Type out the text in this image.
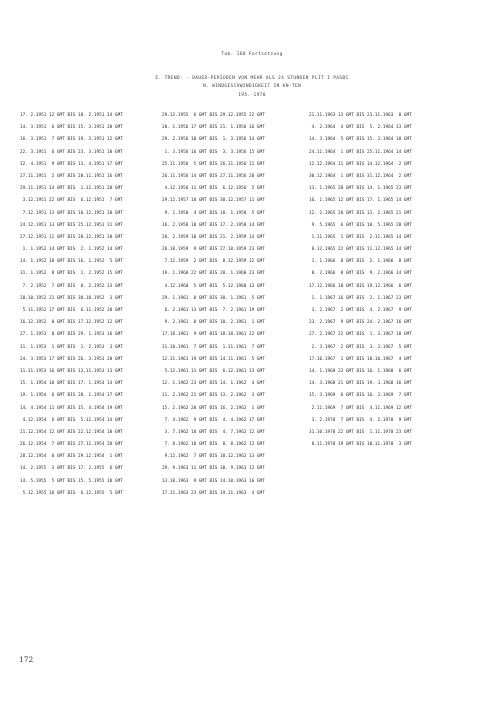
Tab. 160 Fortsetzung
E. TREND- - DAUER-PERIODEN VON MEHR ALS 24 STUNDEN PLIT I PASBC
N. WINDGESCHWINDIGKEIT IN KN-TEN
195.-1970
17. 2.1951 12 GMT BIS 18. 2.1951 14 GMT
14. 3.1951  6 GMT BIS 15. 3.1951 20 GMT
16. 3.1951  7 GMT BIS 19. 3.1951 12 GMT
22. 3.1951  6 GMT BIS 23. 3.1951 18 GMT
12. 4.1951  9 GMT BIS 13. 4.1951 17 GMT
27.11.1951  2 GMT BIS 28.11.1951 16 GMT
29.11.1951 14 GMT BIS  1.12.1951 20 GMT
3.12.1951 22 GMT BIS  6.12.1951  7 GMT
7.12.1951 13 GMT BIS 10.12.1951 10 GMT
24.12.1951 13 GMT BIS 25.12.1951 11 GMT
27.12.1951 11 GMT BIS 28.12.1951 20 GMT
1. 1.1952 14 GMT BIS  2. 1.1952 14 GMT
14. 1.1952 18 GMT BIS 16. 1.1952  5 GMT
31. 1.1952  8 GMT BIS  1. 2.1952 15 GMT
7. 2.1952  7 GMT BIS  8. 2.1952 13 GMT
28.10.1952 21 GMT BIS 30.10.1952  3 GMT
5.11.1952 17 GMT BIS  6.11.1952 20 GMT
16.12.1952  0 GMT BIS 17.12.1952 12 GMT
27. 1.1953  0 GMT BIS 29. 1.1953 16 GMT
31. 1.1953  1 GMT BIS  1. 2.1953  3 GMT
24. 3.1953 17 GMT BIS 26. 3.1953 20 GMT
11.11.1953 16 GMT BIS 13.11.1953 13 GMT
15. 1.1954 10 GMT BIS 17. 1.1954 14 GMT
19. 1.1954  6 GMT BIS 20. 1.1954 17 GMT
14. 4.1954 11 GMT BIS 15. 4.1954 19 GMT
4.12.1954  6 GMT BIS  5.12.1954 14 GMT
21.12.1954 12 GMT BIS 22.12.1954 18 GMT
26.12.1954  7 GMT BIS 27.12.1954 20 GMT
28.12.1954  0 GMT BIS 29.12.1954  1 GMT
14. 2.1955  3 GMT BIS 17. 2.1955  6 GMT
14. 5.1955  5 GMT BIS 15. 5.1955 18 GMT
5.12.1955 16 GMT BIS  6.12.1955  5 GMT
29.12.1955  6 GMT BIS 29.12.1955 22 GMT
20. 1.1956 17 GMT BIS 21. 1.1956 16 GMT
29. 2.1956 10 GMT BIS  1. 3.1956 14 GMT
1. 3.1956 16 GMT BIS  3. 3.1956 15 GMT
25.11.1956  5 GMT BIS 26.11.1956 11 GMT
26.11.1956 14 GMT BIS 27.11.1956 20 GMT
4.12.1956 11 GMT BIS  6.12.1956  5 GMT
29.12.1957 10 GMT BIS 30.12.1957 11 GMT
9. 1.1958  4 GMT BIS 10. 1.1958  5 GMT
16. 2.1958 10 GMT BIS 17. 2.1958 14 GMT
20. 2.1959 10 GMT BIS 21. 2.1959 14 GMT
26.10.1959  9 GMT BIS 27.10.1959 23 GMT
7.12.1959  2 GMT BIS  8.12.1959 12 GMT
19. 1.1960 22 GMT BIS 20. 1.1960 23 GMT
4.12.1960  5 GMT BIS  5.12.1960 13 GMT
29. 1.1961  0 GMT BIS 30. 1.1961  5 GMT
6. 2.1961 13 GMT BIS  7. 2.1961 19 GMT
9. 2.1961  0 GMT BIS 10. 2.1961  1 GMT
17.10.1961  9 GMT BIS 18.10.1961 22 GMT
31.10.1961  7 GMT BIS  1.11.1961  7 GMT
12.11.1961 19 GMT BIS 14.11.1961  5 GMT
5.12.1961 11 GMT BIS  6.12.1961 13 GMT
12. 1.1962 23 GMT BIS 14. 1.1962  4 GMT
11. 2.1962 21 GMT BIS 13. 2.1962  3 GMT
15. 2.1962 20 GMT BIS 16. 2.1962  1 GMT
7. 4.1962  9 GMT BIS  4. 4.1962 17 GMT
3. 7.1962 10 GMT BIS  4. 7.1962 12 GMT
7. 8.1962 10 GMT BIS  8. 8.1962 13 GMT
9.12.1962  7 GMT BIS 10.12.1962 13 GMT
29. 9.1963 11 GMT BIS 30. 9.1963 13 GMT
13.10.1963  9 GMT BIS 14.10.1963 16 GMT
17.11.1963 23 GMT BIS 19.11.1963  4 GMT
21.11.1963 13 GMT BIS 23.11.1963  0 GMT
4. 2.1964  4 GMT BIS  5. 2.1964 13 GMT
14. 3.1964  5 GMT BIS 15. 3.1964 18 GMT
24.11.1964  1 GMT BIS 25.11.1964 14 GMT
12.12.1964 11 GMT BIS 14.12.1964  2 GMT
30.12.1964  1 GMT BIS 31.12.1964  2 GMT
13. 1.1965 20 GMT BIS 14. 1.1965 23 GMT
16. 1.1965 12 GMT BIS 17. 1.1965 14 GMT
12. 2.1965 20 GMT BIS 13. 2.1965 21 GMT
9. 5.1965  6 GMT BIS 10. 5.1965 20 GMT
1.11.1965  1 GMT BIS  2.11.1965 14 GMT
8.12.1965 22 GMT BIS 11.12.1965 14 GMT
1. 1.1966  8 GMT BIS  2. 1.1966  8 GMT
8. 2.1966  8 GMT BIS  9. 2.1966 14 GMT
17.12.1966 18 GMT BIS 19.12.1966  6 GMT
1. 1.1967 16 GMT BIS  2. 1.1967 23 GMT
3. 2.1967  2 GMT BIS  4. 2.1967  9 GMT
23. 2.1967  9 GMT BIS 24. 2.1967 16 GMT
27. 2.1967 22 GMT BIS  1. 3.1967 18 GMT
2. 3.1967  2 GMT BIS  3. 3.1967  5 GMT
17.10.1967  1 GMT BIS 18.10.1967  4 GMT
14. 1.1968 23 GMT BIS 16. 1.1968  6 GMT
14. 3.1968 21 GMT BIS 19. 3.1968 16 GMT
15. 3.1969  6 GMT BIS 16. 3.1969  7 GMT
2.11.1969  7 GMT BIS  4.11.1969 12 GMT
3. 2.1970  7 GMT BIS  4. 2.1970  9 GMT
31.10.1970 22 GMT BIS  1.11.1970 23 GMT
8.11.1970 19 GMT BIS 10.11.1970  3 GMT
172
